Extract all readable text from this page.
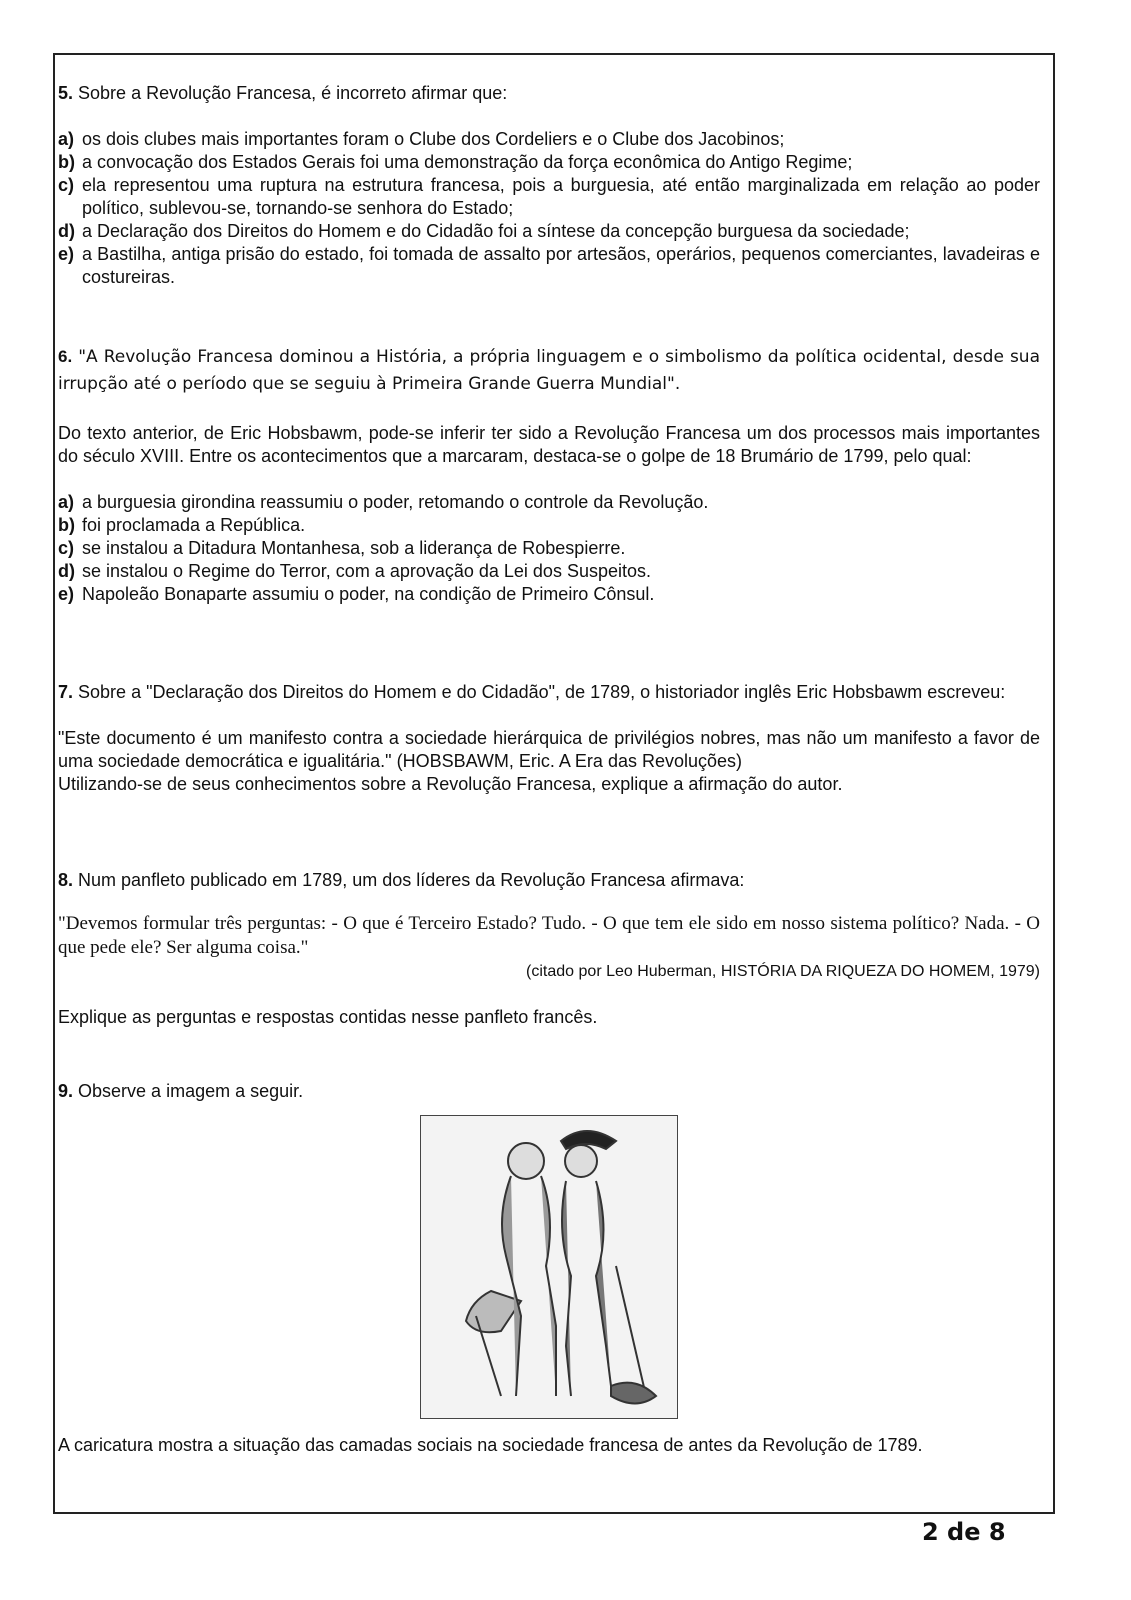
5. Sobre a Revolução Francesa, é incorreto afirmar que:
a) os dois clubes mais importantes foram o Clube dos Cordeliers e o Clube dos Jacobinos;
b) a convocação dos Estados Gerais foi uma demonstração da força econômica do Antigo Regime;
c) ela representou uma ruptura na estrutura francesa, pois a burguesia, até então marginalizada em relação ao poder político, sublevou-se, tornando-se senhora do Estado;
d) a Declaração dos Direitos do Homem e do Cidadão foi a síntese da concepção burguesa da sociedade;
e) a Bastilha, antiga prisão do estado, foi tomada de assalto por artesãos, operários, pequenos comerciantes, lavadeiras e costureiras.
6. "A Revolução Francesa dominou a História, a própria linguagem e o simbolismo da política ocidental, desde sua irrupção até o período que se seguiu à Primeira Grande Guerra Mundial".
Do texto anterior, de Eric Hobsbawm, pode-se inferir ter sido a Revolução Francesa um dos processos mais importantes do século XVIII. Entre os acontecimentos que a marcaram, destaca-se o golpe de 18 Brumário de 1799, pelo qual:
a) a burguesia girondina reassumiu o poder, retomando o controle da Revolução.
b) foi proclamada a República.
c) se instalou a Ditadura Montanhesa, sob a liderança de Robespierre.
d) se instalou o Regime do Terror, com a aprovação da Lei dos Suspeitos.
e) Napoleão Bonaparte assumiu o poder, na condição de Primeiro Cônsul.
7. Sobre a "Declaração dos Direitos do Homem e do Cidadão", de 1789, o historiador inglês Eric Hobsbawm escreveu:
"Este documento é um manifesto contra a sociedade hierárquica de privilégios nobres, mas não um manifesto a favor de uma sociedade democrática e igualitária." (HOBSBAWM, Eric. A Era das Revoluções)
Utilizando-se de seus conhecimentos sobre a Revolução Francesa, explique a afirmação do autor.
8. Num panfleto publicado em 1789, um dos líderes da Revolução Francesa afirmava:
"Devemos formular três perguntas: - O que é Terceiro Estado? Tudo. - O que tem ele sido em nosso sistema político? Nada. - O que pede ele? Ser alguma coisa."
(citado por Leo Huberman, HISTÓRIA DA RIQUEZA DO HOMEM, 1979)
Explique as perguntas e respostas contidas nesse panfleto francês.
9. Observe a imagem a seguir.
A caricatura mostra a situação das camadas sociais na sociedade francesa de antes da Revolução de 1789.
2 de 8
